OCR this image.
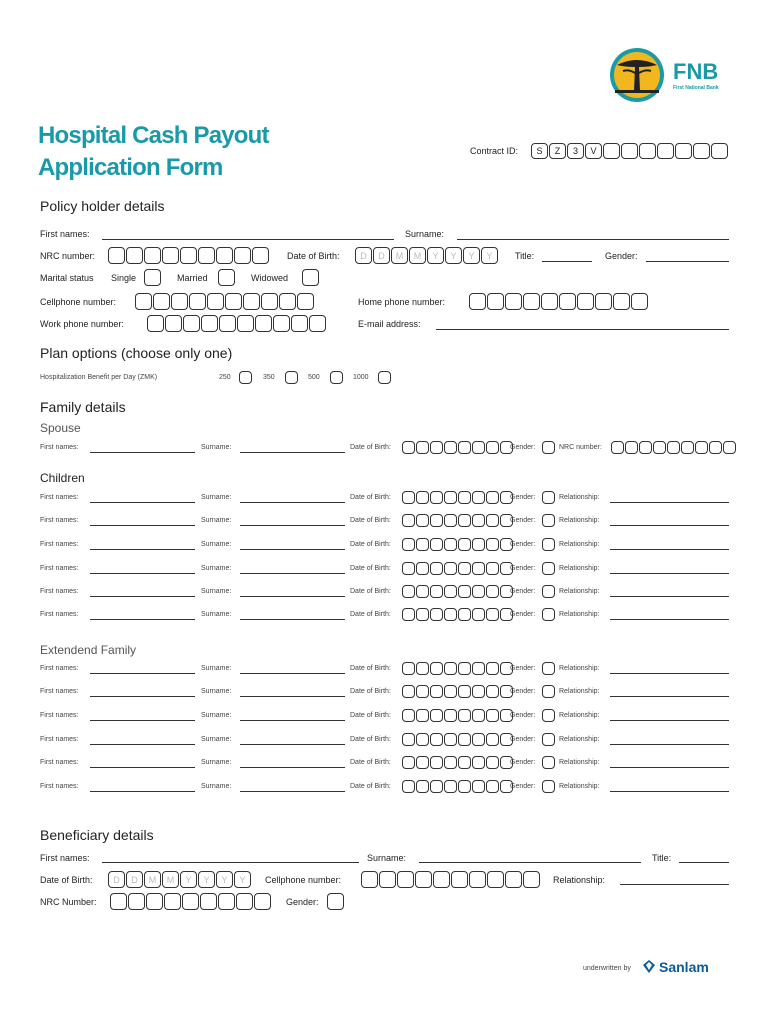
FNB
First National Bank
Hospital Cash Payout
Application Form
Contract ID:	S	Z	3	V
Policy holder details
First names:	Surname:
NRC number:	Date of Birth:	D	D	M	M	Y	Y	Y	Y	Title:	Gender:
Marital status Single	Married	Widowed
Cellphone number:	Home phone number:
Work phone number:	E-mail address:
Plan options (choose only one)
Hospitalization Benefit per Day (ZMK)	250	350	500	1000
Family details
Spouse
Children
Extendend Family
First names:	Surname:	Date of Birth:	Gender:	NRC number:
First names:	Surname:	Date of Birth:	Gender:	Relationship:
First names:	Surname:	Date of Birth:	Gender:	Relationship:
First names:	Surname:	Date of Birth:	Gender:	Relationship:
First names:	Surname:	Date of Birth:	Gender:	Relationship:
First names:	Surname:	Date of Birth:	Gender:	Relationship:
First names:	Surname:	Date of Birth:	Gender:	Relationship:
First names:	Surname:	Date of Birth:	Gender:	Relationship:
First names:	Surname:	Date of Birth:	Gender:	Relationship:
First names:	Surname:	Date of Birth:	Gender:	Relationship:
First names:	Surname:	Date of Birth:	Gender:	Relationship:
First names:	Surname:	Date of Birth:	Gender:	Relationship:
First names:	Surname:	Date of Birth:	Gender:	Relationship:
Beneficiary details
First names:	Surname:	Title:
Date of Birth:	D	D	M	M	Y	Y	Y	Y	Cellphone number:	Relationship:
NRC Number:	Gender:
underwritten by Sanlam
